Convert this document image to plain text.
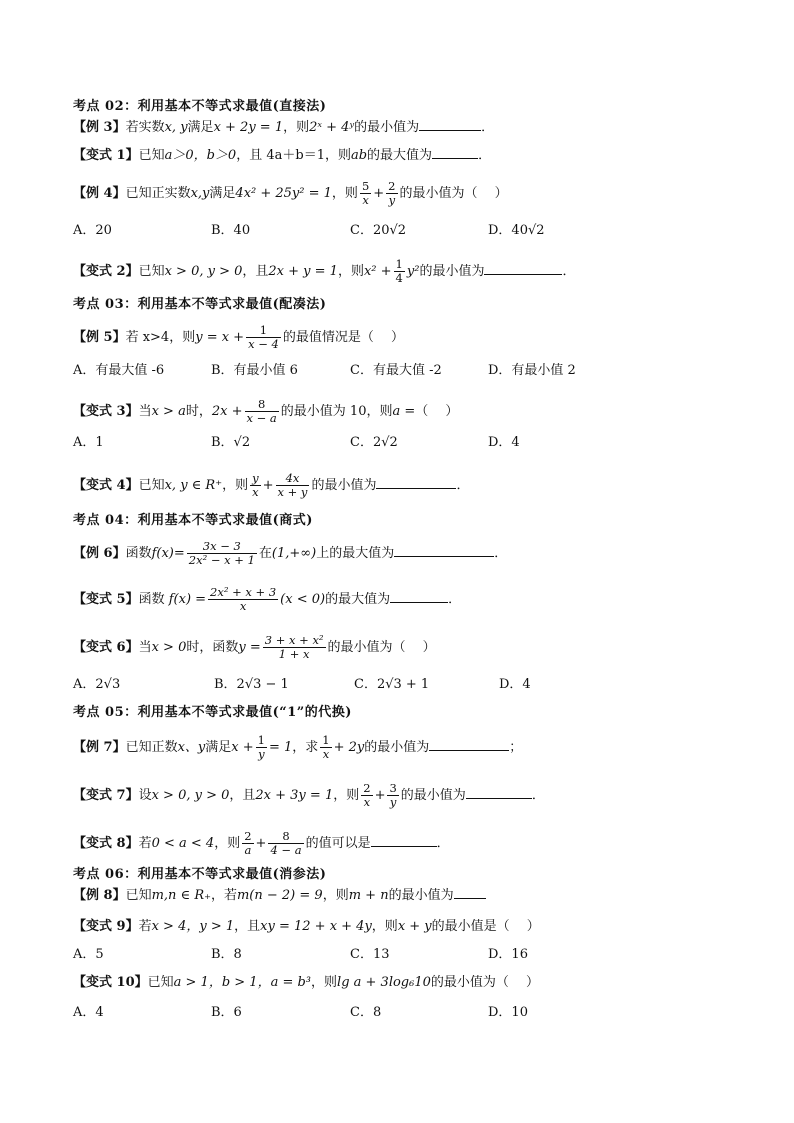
考点 02：利用基本不等式求最值(直接法)
【例 3】若实数x, y满足x + 2y = 1，则2ˣ + 4ʸ的最小值为	．
【变式 1】已知a＞0，b＞0，且 4a＋b＝1，则ab的最大值为	．
【例 4】已知正实数x,y满足4x² + 25y² = 1，则 $\frac{5}{x} + \frac{2}{y}$ 的最小值为（　 ）
A．20	B．40	C．20√2	D．40√2
【变式 2】已知x > 0, y > 0，且2x + y = 1，则$x^2 + \frac{1}{4} y^2$的最小值为	．
考点 03：利用基本不等式求最值(配凑法)
【例 5】若 x>4，则$y = x + \frac{1}{x - 4}$ 的最值情况是（　 ）
A．有最大值 -6	B．有最小值 6	C．有最大值 -2	D．有最小值 2
【变式 3】当x > a时，$2x + \frac{8}{x - a}$ 的最小值为 10，则a =（　 ）
A．1	B．√2	C．2√2	D．4
【变式 4】已知x, y ∈ R⁺，则 $\frac{y}{x} + \frac{4x}{x + y}$ 的最小值为	．
考点 04：利用基本不等式求最值(商式)
【例 6】函数$f(x)= \frac{3x - 3}{\text{2x² − x + 1}}$ 在(1,+∞)上的最大值为	．
【变式 5】函数 $f(x) = \frac{\text{2x² + x + 3}}{x} (x < 0)$的最大值为	．
【变式 6】当x > 0时，函数$y = \frac{\text{3 + x + x²}}{1 + x}$ 的最小值为（　 ）
A．2√3	B．2√3 − 1	C．2√3 + 1	D．4
考点 05：利用基本不等式求最值(“1”的代换)
【例 7】已知正数x、y满足$x + \frac{1}{y} = 1$，求 $\frac{1}{x} + 2y$的最小值为	；
【变式 7】设x > 0, y > 0，且2x + 3y = 1，则 $\frac{2}{x} + \frac{3}{y}$ 的最小值为	．
【变式 8】若0 < a < 4，则 $\frac{2}{a} + \frac{8}{4 - a}$ 的值可以是	．
考点 06：利用基本不等式求最值(消参法)
【例 8】已知m,n ∈ R₊，若m(n − 2) = 9，则m + n的最小值为
【变式 9】若x > 4，y > 1，且xy = 12 + x + 4y，则x + y的最小值是（　 ）
A．5	B．8	C．13	D．16
【变式 10】已知a > 1，b > 1，a = b³，则lg a + 3log₆10的最小值为（　 ）
A．4	B．6	C．8	D．10
